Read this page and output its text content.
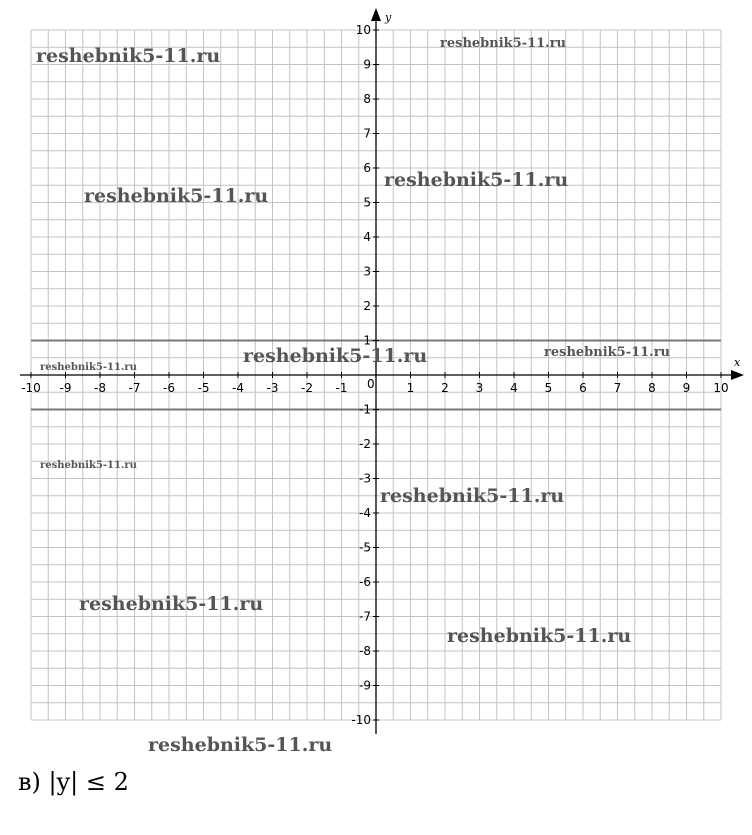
-10 -9 -8 -7 -6 -5 -4 -3 -2 -1	1 2 3 4 5 6 7 8 9 10
-10
-9
-8
-7
-6
-5
-4
-3
-2
-1
1
2
3
4
5
6
7
8
9
10
0
x
y
reshebnik5-11.ru
reshebnik5-11.ru
reshebnik5-11.ru
reshebnik5-11.ru
reshebnik5-11.ru	reshebnik5-11.ru
reshebnik5-11.ru
reshebnik5-11.ru
reshebnik5-11.ru
reshebnik5-11.ru
reshebnik5-11.ru
reshebnik5-11.ru

в) |y| ≤ 2
